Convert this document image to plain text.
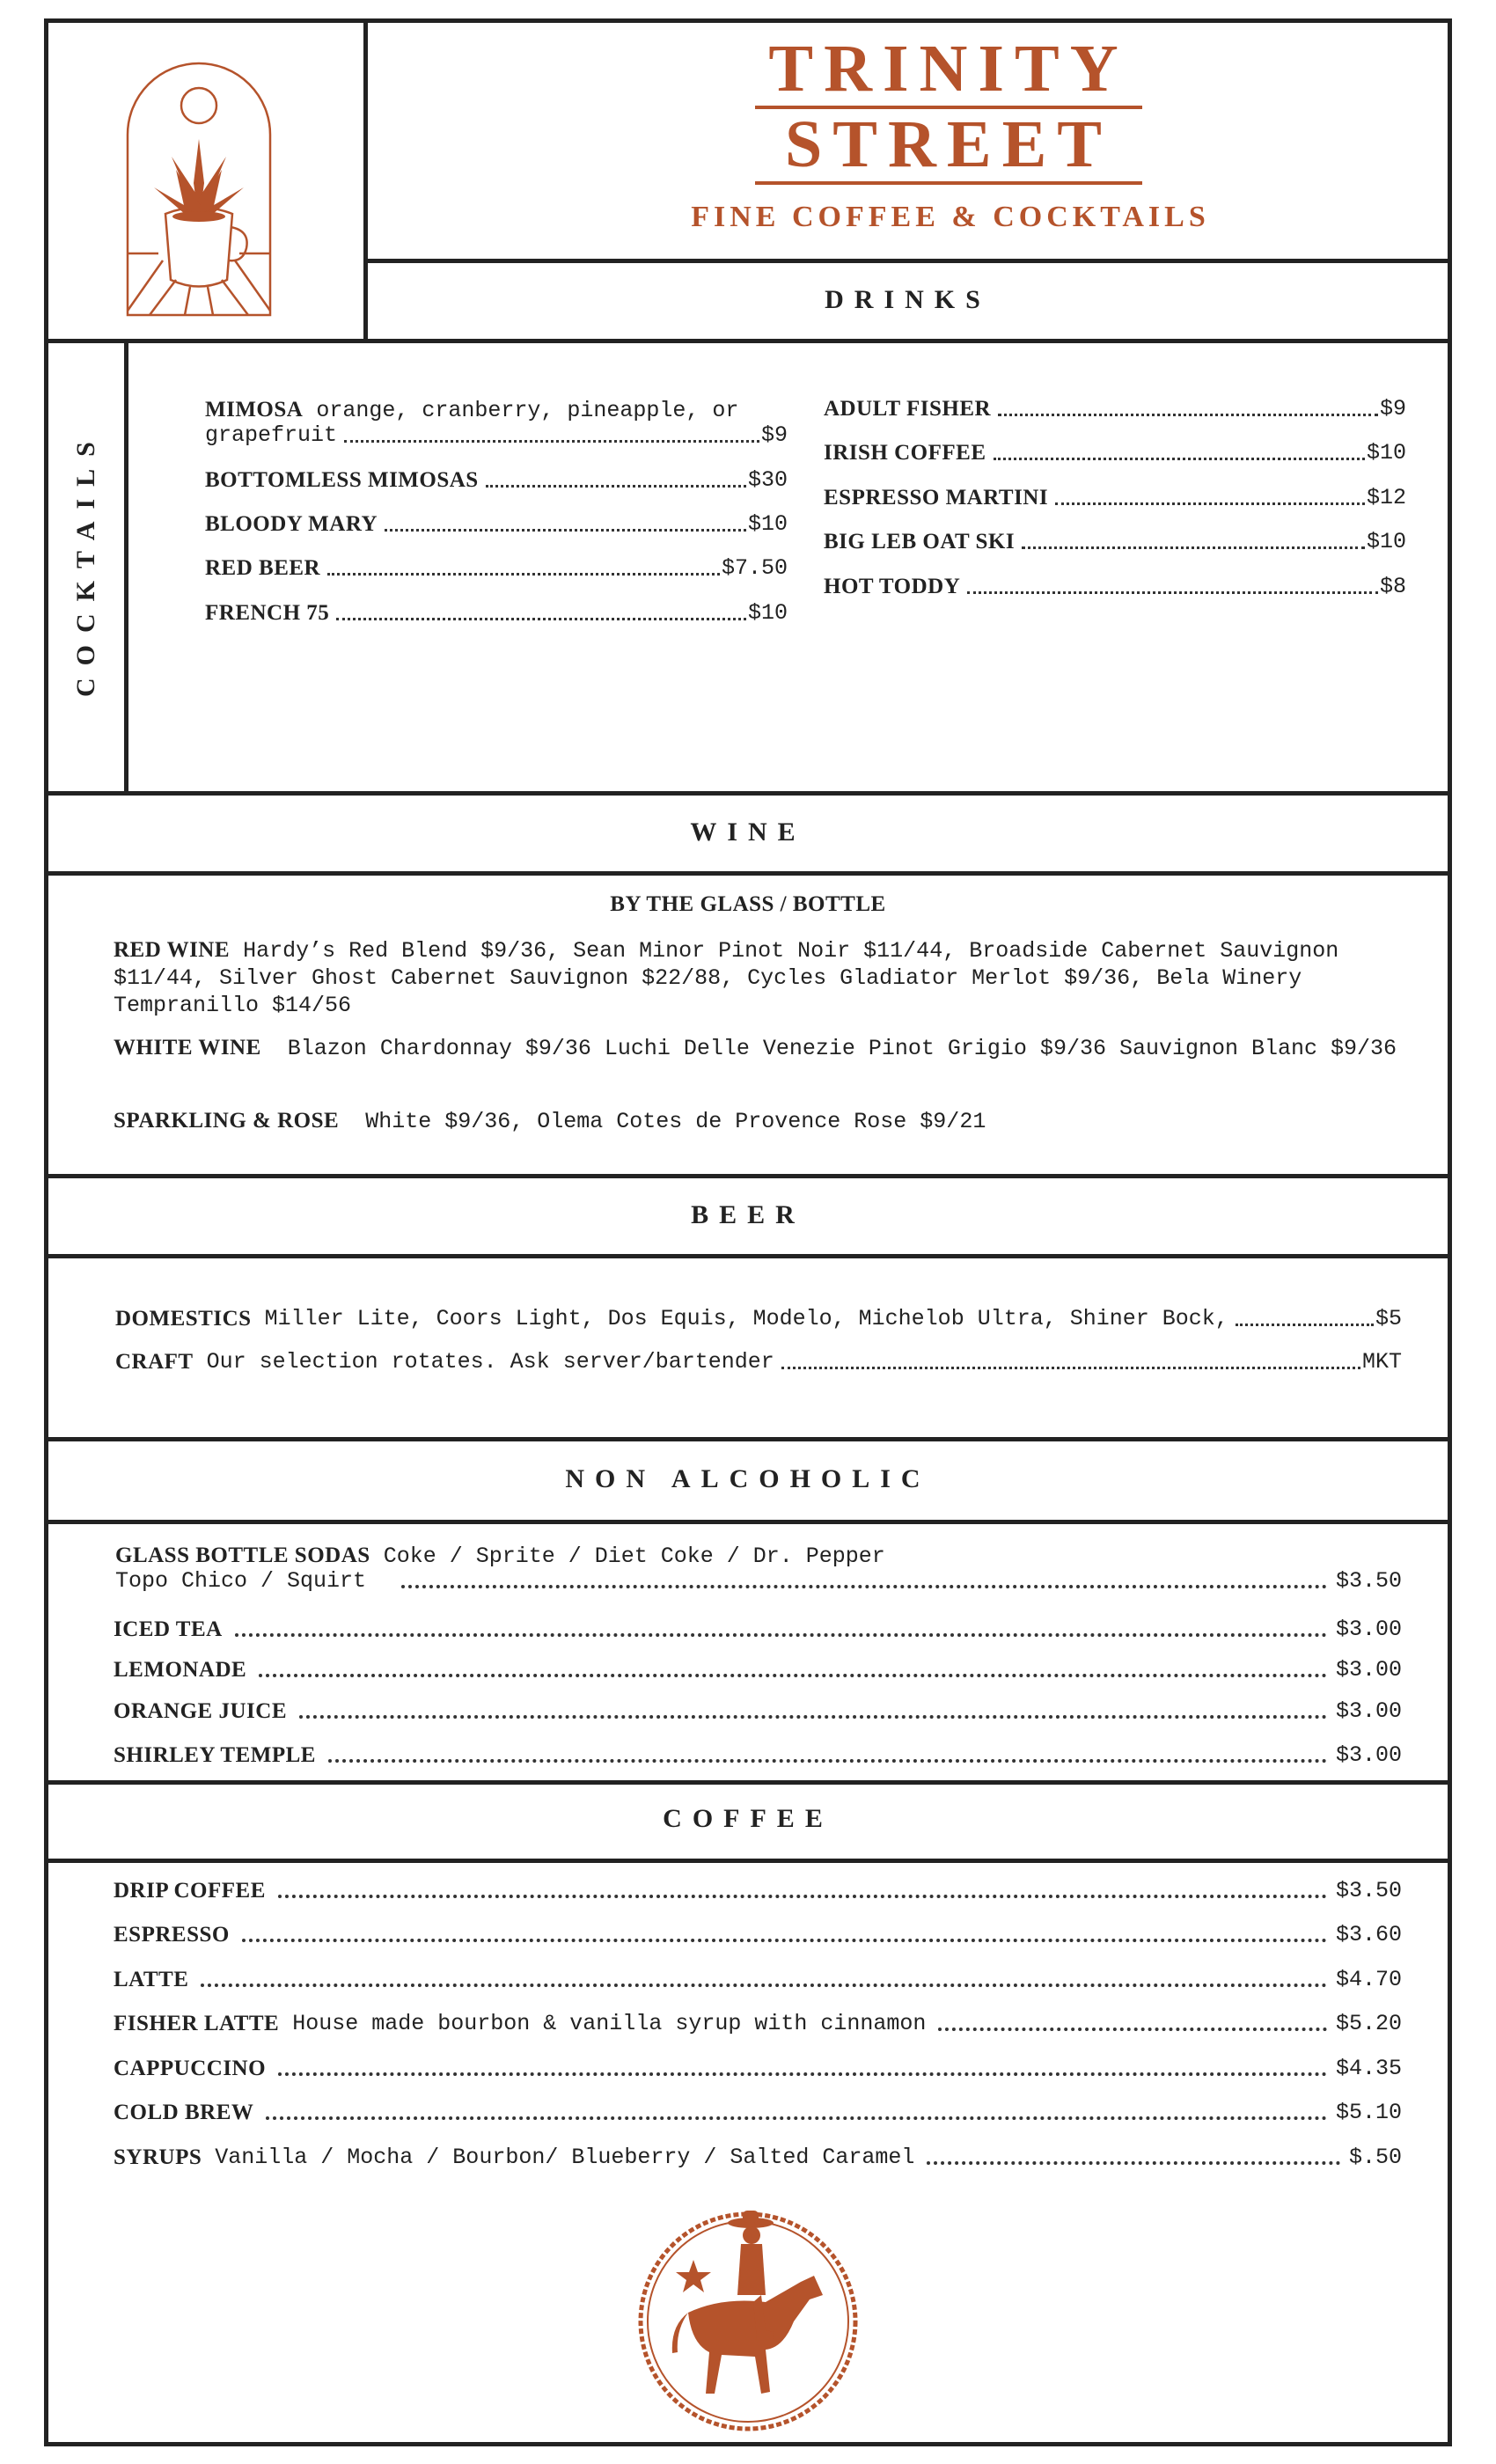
TRINITY
STREET
FINE COFFEE & COCKTAILS
DRINKS
COCKTAILS
MIMOSA orange, cranberry, pineapple, or
grapefruit	$9
BOTTOMLESS MIMOSAS	$30
BLOODY MARY	$10
RED BEER	$7.50
FRENCH 75	$10
ADULT FISHER	$9
IRISH COFFEE	$10
ESPRESSO MARTINI	$12
BIG LEB OAT SKI	$10
HOT TODDY	$8
WINE
BY THE GLASS / BOTTLE
RED WINE Hardy’s Red Blend $9/36, Sean Minor Pinot Noir $11/44, Broadside Cabernet Sauvignon $11/44, Silver Ghost Cabernet Sauvignon $22/88, Cycles Gladiator Merlot $9/36, Bela Winery Tempranillo $14/56
WHITE WINE Blazon Chardonnay $9/36 Luchi Delle Venezie Pinot Grigio $9/36 Sauvignon Blanc $9/36
SPARKLING & ROSE White $9/36, Olema Cotes de Provence Rose $9/21
BEER
DOMESTICS
Miller Lite, Coors Light, Dos Equis, Modelo, Michelob Ultra, Shiner Bock,	$5
CRAFT
Our selection rotates. Ask server/bartender	MKT
NON ALCOHOLIC
GLASS BOTTLE SODAS Coke / Sprite / Diet Coke / Dr. Pepper
Topo Chico / Squirt	$3.50
ICED TEA	$3.00
LEMONADE	$3.00
ORANGE JUICE	$3.00
SHIRLEY TEMPLE	$3.00
COFFEE
DRIP COFFEE	$3.50
ESPRESSO	$3.60
LATTE	$4.70
FISHER LATTE
House made bourbon & vanilla syrup with cinnamon	$5.20
CAPPUCCINO	$4.35
COLD BREW	$5.10
SYRUPS
Vanilla / Mocha / Bourbon/ Blueberry / Salted Caramel	$.50
